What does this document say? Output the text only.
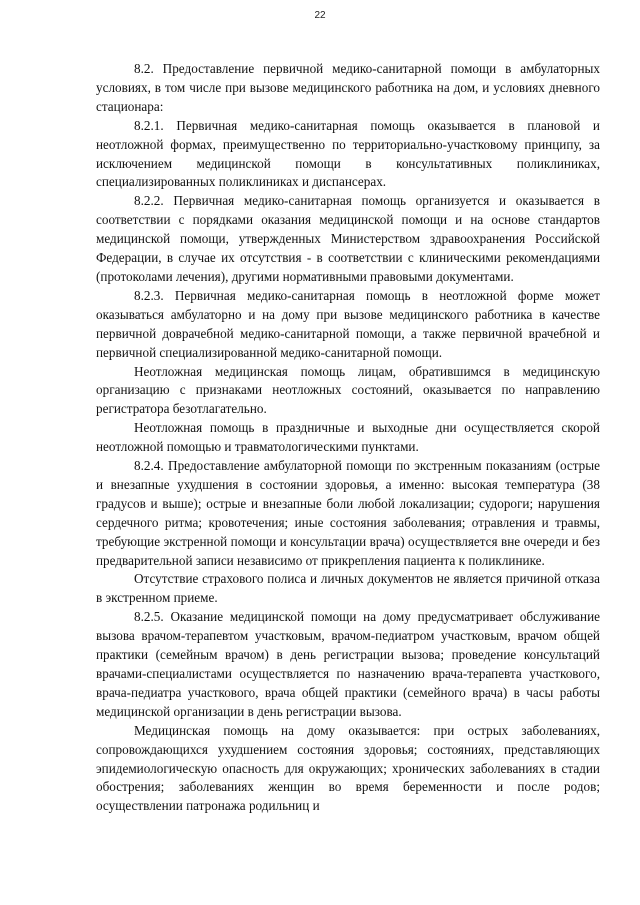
22

8.2. Предоставление первичной медико-санитарной помощи в амбулаторных условиях, в том числе при вызове медицинского работника на дом, и условиях дневного стационара:

8.2.1. Первичная медико-санитарная помощь оказывается в плановой и неотложной формах, преимущественно по территориально-участковому принципу, за исключением медицинской помощи в консультативных поликлиниках, специализированных поликлиниках и диспансерах.

8.2.2. Первичная медико-санитарная помощь организуется и оказывается в соответствии с порядками оказания медицинской помощи и на основе стандартов медицинской помощи, утвержденных Министерством здравоохранения Российской Федерации, в случае их отсутствия - в соответствии с клиническими рекомендациями (протоколами лечения), другими нормативными правовыми документами.

8.2.3. Первичная медико-санитарная помощь в неотложной форме может оказываться амбулаторно и на дому при вызове медицинского работника в качестве первичной доврачебной медико-санитарной помощи, а также первичной врачебной и первичной специализированной медико-санитарной помощи.

Неотложная медицинская помощь лицам, обратившимся в медицинскую организацию с признаками неотложных состояний, оказывается по направлению регистратора безотлагательно.

Неотложная помощь в праздничные и выходные дни осуществляется скорой неотложной помощью и травматологическими пунктами.

8.2.4. Предоставление амбулаторной помощи по экстренным показаниям (острые и внезапные ухудшения в состоянии здоровья, а именно: высокая температура (38 градусов и выше); острые и внезапные боли любой локализации; судороги; нарушения сердечного ритма; кровотечения; иные состояния заболевания; отравления и травмы, требующие экстренной помощи и консультации врача) осуществляется вне очереди и без предварительной записи независимо от прикрепления пациента к поликлинике.

Отсутствие страхового полиса и личных документов не является причиной отказа в экстренном приеме.

8.2.5. Оказание медицинской помощи на дому предусматривает обслуживание вызова врачом-терапевтом участковым, врачом-педиатром участковым, врачом общей практики (семейным врачом) в день регистрации вызова; проведение консультаций врачами-специалистами осуществляется по назначению врача-терапевта участкового, врача-педиатра участкового, врача общей практики (семейного врача) в часы работы медицинской организации в день регистрации вызова.

Медицинская помощь на дому оказывается: при острых заболеваниях, сопровождающихся ухудшением состояния здоровья; состояниях, представляющих эпидемиологическую опасность для окружающих; хронических заболеваниях в стадии обострения; заболеваниях женщин во время беременности и после родов; осуществлении патронажа родильниц и
